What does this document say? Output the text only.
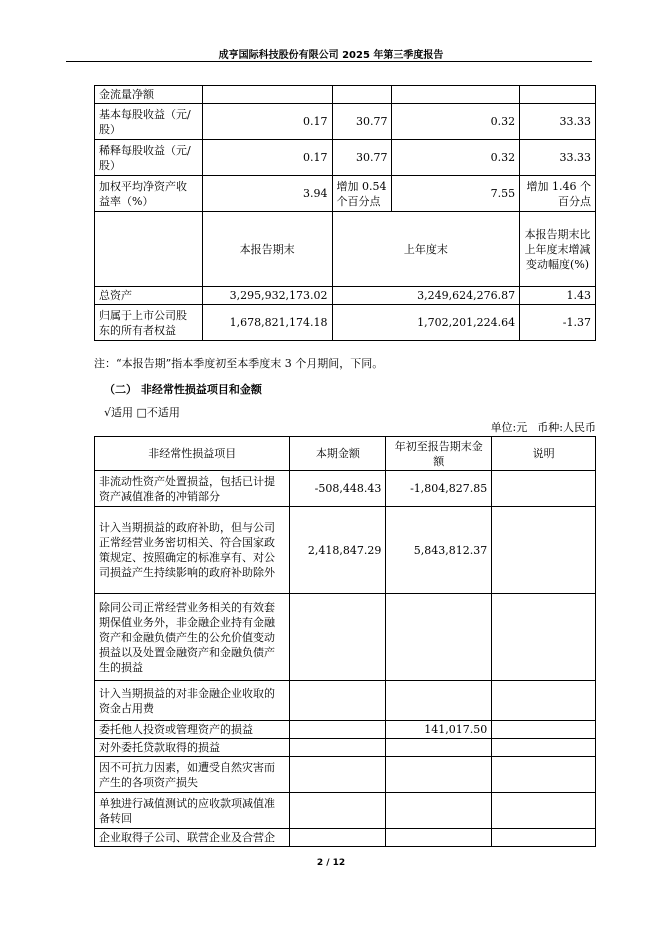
成亨国际科技股份有限公司 2025 年第三季度报告
金流量净额				
基本每股收益（元/股）	0.17	30.77	0.32	33.33
稀释每股收益（元/股）	0.17	30.77	0.32	33.33
加权平均净资产收益率（%）	3.94	增加 0.54 个百分点	7.55	增加 1.46 个百分点
	本报告期末	上年度末		本报告期末比上年度末增减变动幅度(%)
总资产	3,295,932,173.02	3,249,624,276.87		1.43
归属于上市公司股东的所有者权益	1,678,821,174.18	1,702,201,224.64		-1.37
注：“本报告期”指本季度初至本季度末 3 个月期间，下同。
（二） 非经常性损益项目和金额
√适用 □不适用
单位:元 币种:人民币
非经常性损益项目	本期金额	年初至报告期末金额	说明
非流动性资产处置损益，包括已计提资产减值准备的冲销部分	-508,448.43	-1,804,827.85	
计入当期损益的政府补助，但与公司正常经营业务密切相关、符合国家政策规定、按照确定的标准享有、对公司损益产生持续影响的政府补助除外	2,418,847.29	5,843,812.37	
除同公司正常经营业务相关的有效套期保值业务外，非金融企业持有金融资产和金融负债产生的公允价值变动损益以及处置金融资产和金融负债产生的损益			
计入当期损益的对非金融企业收取的资金占用费			
委托他人投资或管理资产的损益		141,017.50	
对外委托贷款取得的损益			
因不可抗力因素，如遭受自然灾害而产生的各项资产损失			
单独进行减值测试的应收款项减值准备转回			
企业取得子公司、联营企业及合营企			
2 / 12
